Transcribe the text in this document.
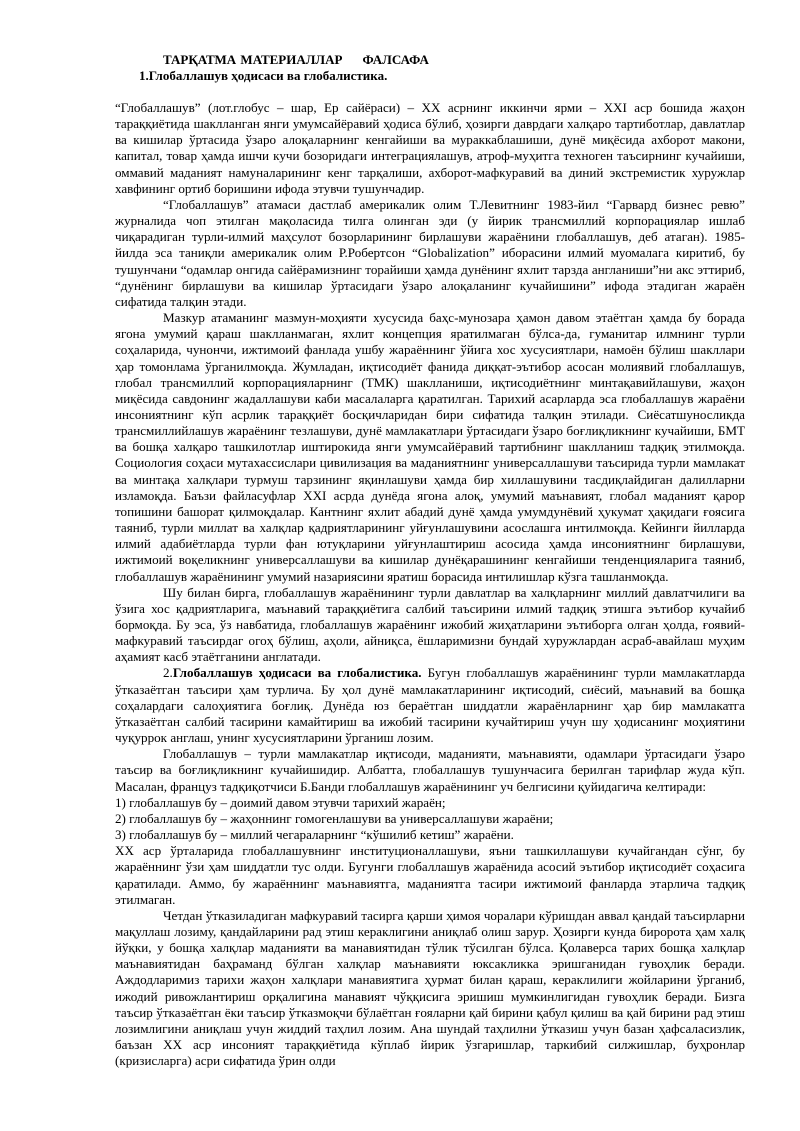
ТАРҚАТМА МАТЕРИАЛЛАР ФАЛСАФА
1.Глобаллашув ҳодисаси ва глобалистика.

“Глобаллашув” (лот.глобус – шар, Ер сайёраси) – XX асрнинг иккинчи ярми – XXI аср бошида жаҳон тараққиётида шаклланган янги умумсайёравий ҳодиса бўлиб, ҳозирги даврдаги халқаро тартиботлар, давлатлар ва кишилар ўртасида ўзаро алоқаларнинг кенгайиши ва мураккаблашиши, дунё миқёсида ахборот макони, капитал, товар ҳамда ишчи кучи бозоридаги интеграциялашув, атроф-муҳитга техноген таъсирнинг кучайиши, оммавий маданият намуналарининг кенг тарқалиши, ахборот-мафкуравий ва диний экстремистик хуружлар хавфининг ортиб боришини ифода этувчи тушунчадир.

“Глобаллашув” атамаси дастлаб америкалик олим Т.Левитнинг 1983-йил “Гарвард бизнес ревю” журналида чоп этилган мақоласида тилга олинган эди (у йирик трансмиллий корпорациялар ишлаб чиқарадиган турли-илмий маҳсулот бозорларининг бирлашуви жараёнини глобаллашув, деб атаган). 1985-йилда эса таниқли америкалик олим Р.Робертсон “Globalization” иборасини илмий муомалага киритиб, бу тушунчани “одамлар онгида сайёрамизнинг торайиши ҳамда дунёнинг яхлит тарзда англаниши”ни акс эттириб, “дунёнинг бирлашуви ва кишилар ўртасидаги ўзаро алоқаланинг кучайишини” ифода этадиган жараён сифатида талқин этади.

Мазкур атаманинг мазмун-моҳияти хусусида баҳс-мунозара ҳамон давом этаётган ҳамда бу борада ягона умумий қараш шаклланмаган, яхлит концепция яратилмаган бўлса-да, гуманитар илмнинг турли соҳаларида, чунончи, ижтимоий фанлада ушбу жараённинг ўйига хос хусусиятлари, намоён бўлиш шакллари ҳар томонлама ўрганилмоқда. Жумладан, иқтисодиёт фанида диққат-эътибор асосан молиявий глобаллашув, глобал трансмиллий корпорацияларнинг (ТМК) шаклланиши, иқтисодиётнинг минтақавийлашуви, жаҳон миқёсида савдонинг жадаллашуви каби масалаларга қаратилган. Тарихий асарларда эса глобаллашув жараёни инсониятнинг кўп асрлик тараққиёт босқичларидан бири сифатида талқин этилади. Сиёсатшуносликда трансмиллийлашув жараёнинг тезлашуви, дунё мамлакатлари ўртасидаги ўзаро боғлиқликнинг кучайиши, БМТ ва бошқа халқаро ташкилотлар иштирокида янги умумсайёравий тартибнинг шаклланиш тадқиқ этилмоқда. Социология соҳаси мутахассислари цивилизация ва маданиятнинг универсаллашуви таъсирида турли мамлакат ва минтақа халқлари турмуш тарзининг яқинлашуви ҳамда бир хиллашувини тасдиқлайдиган далилларни изламоқда. Баъзи файласуфлар XXI асрда дунёда ягона алоқ, умумий маънавият, глобал маданият қарор топишини башорат қилмоқдалар. Кантнинг яхлит абадий дунё ҳамда умумдунёвий ҳукумат ҳақидаги ғоясига таяниб, турли миллат ва халқлар қадриятларининг уйғунлашувини асослашга интилмоқда. Кейинги йилларда илмий адабиётларда турли фан ютуқларини уйғунлаштириш асосида ҳамда инсониятнинг бирлашуви, ижтимоий воқеликнинг универсаллашуви ва кишилар дунёқарашининг кенгайиши тенденцияларига таяниб, глобаллашув жараёнининг умумий назариясини яратиш борасида интилишлар кўзга ташланмоқда.

Шу билан бирга, глобаллашув жараёнининг турли давлатлар ва халқларнинг миллий давлатчилиги ва ўзига хос қадриятларига, маънавий тараққиётига салбий таъсирини илмий тадқиқ этишга эътибор кучайиб бормоқда. Бу эса, ўз навбатида, глобаллашув жараёнинг ижобий жиҳатларини эътиборга олган ҳолда, ғоявий-мафкуравий таъсирдаг огоҳ бўлиш, аҳоли, айниқса, ёшларимизни бундай хуружлардан асраб-авайлаш муҳим аҳамият касб этаётганини англатади.

2.Глобаллашув ҳодисаси ва глобалистика. Бугун глобаллашув жараёнининг турли мамлакатларда ўтказаётган таъсири ҳам турлича. Бу ҳол дунё мамлакатларининг иқтисодий, сиёсий, маънавий ва бошқа соҳалардаги салоҳиятига боғлиқ. Дунёда юз бераётган шиддатли жараёнларнинг ҳар бир мамлакатга ўтказаётган салбий тасирини камайтириш ва ижобий тасирини кучайтириш учун шу ҳодисанинг моҳиятини чуқуррок англаш, унинг хусусиятларини ўрганиш лозим.

Глобаллашув – турли мамлакатлар иқтисоди, маданияти, маънавияти, одамлари ўртасидаги ўзаро таъсир ва боғлиқликнинг кучайишидир. Албатта, глобаллашув тушунчасига берилган тарифлар жуда кўп. Масалан, француз тадқиқотчиси Б.Банди глобаллашув жараёнининг уч белгисини қуйидагича келтиради:

1) глобаллашув бу – доимий давом этувчи тарихий жараён;

2) глобаллашув бу – жаҳоннинг гомогенлашуви ва универсаллашуви жараёни;

3) глобаллашув бу – миллий чегараларнинг “кўшилиб кетиш” жараёни.

XX аср ўрталарида глобаллашувнинг институционаллашуви, яъни ташкиллашуви кучайгандан сўнг, бу жараённинг ўзи ҳам шиддатли тус олди. Бугунги глобаллашув жараёнида асосий эътибор иқтисодиёт соҳасига қаратилади. Аммо, бу жараённинг маънавиятга, маданиятга тасири ижтимоий фанларда этарлича тадқиқ этилмаган.

Четдан ўтказиладиган мафкуравий тасирга қарши ҳимоя чоралари кўришдан аввал қандай таъсирларни мақуллаш лозиму, қандайларини рад этиш кераклигини аниқлаб олиш зарур. Ҳозирги кунда биророта ҳам халқ йўқки, у бошқа халқлар маданияти ва манавиятидан тўлик тўсилган бўлса. Қолаверса тарих бошқа халқлар маънавиятидан баҳраманд бўлган халқлар маънавияти юксакликка эришганидан гувоҳлик беради. Аждодларимиз тарихи жаҳон халқлари манавиятига ҳурмат билан қараш, кераклилиги жойларини ўрганиб, ижодий ривожлантириш орқалигина манавият чўққисига эришиш мумкинлигидан гувоҳлик беради. Бизга таъсир ўтказаётган ёки таъсир ўтказмоқчи бўлаётган ғояларни қай бирини қабул қилиш ва қай бирини рад этиш лозимлигини аниқлаш учун жиддий таҳлил лозим. Ана шундай таҳлилни ўтказиш учун базан ҳафсаласизлик, баъзан XX аср инсоният тараққиётида кўплаб йирик ўзгаришлар, таркибий силжишлар, буҳронлар (кризисларга) асри сифатида ўрин олди
